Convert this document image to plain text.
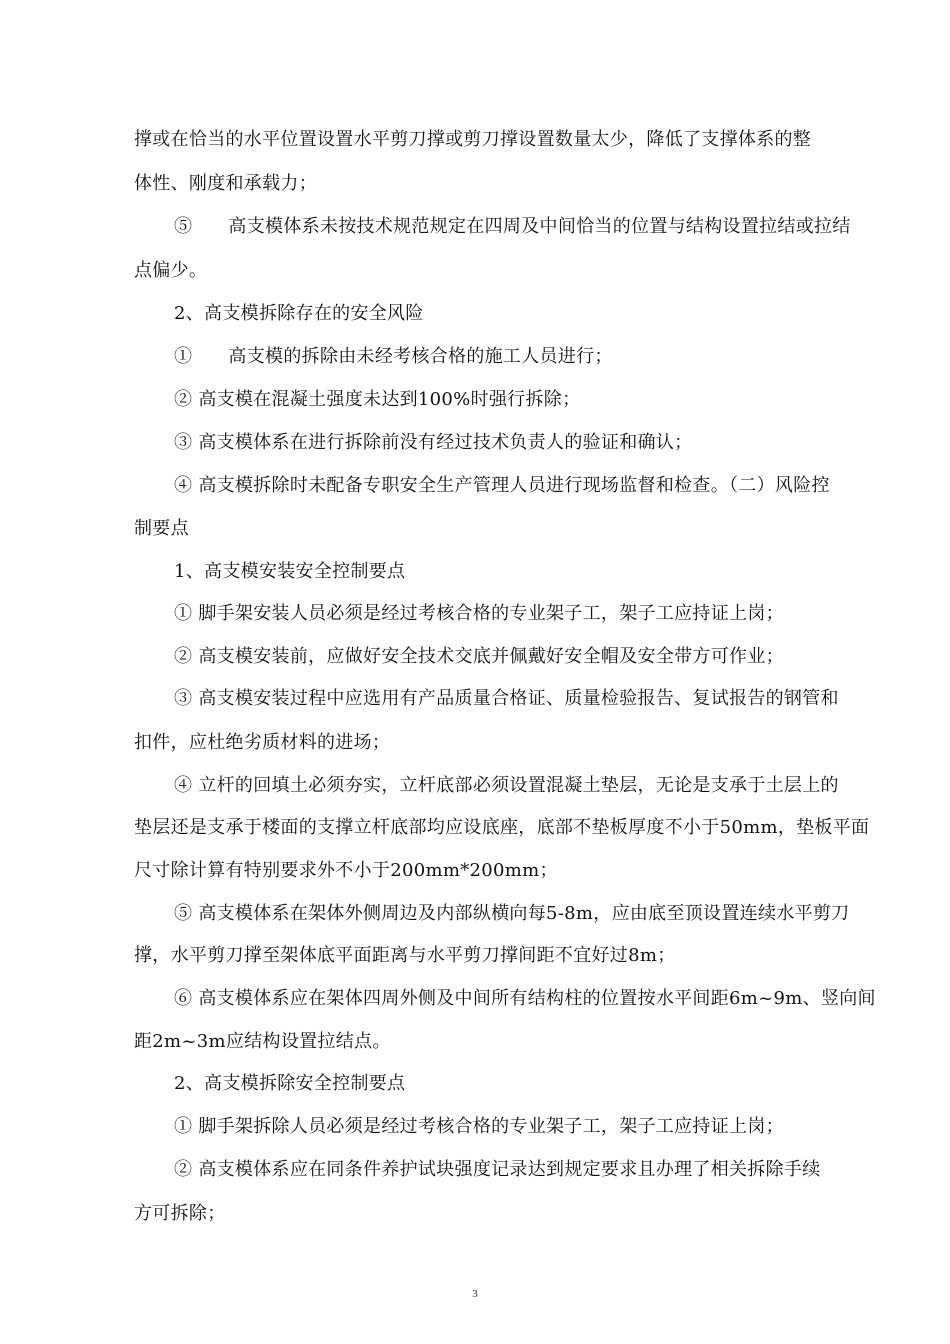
撑或在恰当的水平位置设置水平剪刀撑或剪刀撑设置数量太少，降低了支撑体系的整
体性、刚度和承载力；
⑤      高支模体系未按技术规范规定在四周及中间恰当的位置与结构设置拉结或拉结
点偏少。
2、高支模拆除存在的安全风险
①      高支模的拆除由未经考核合格的施工人员进行；
② 高支模在混凝土强度未达到100%时强行拆除；
③ 高支模体系在进行拆除前没有经过技术负责人的验证和确认；
④ 高支模拆除时未配备专职安全生产管理人员进行现场监督和检查。（二）风险控
制要点
1、高支模安装安全控制要点
① 脚手架安装人员必须是经过考核合格的专业架子工，架子工应持证上岗；
② 高支模安装前，应做好安全技术交底并佩戴好安全帽及安全带方可作业；
③ 高支模安装过程中应选用有产品质量合格证、质量检验报告、复试报告的钢管和
扣件，应杜绝劣质材料的进场；
④ 立杆的回填土必须夯实，立杆底部必须设置混凝土垫层，无论是支承于土层上的
垫层还是支承于楼面的支撑立杆底部均应设底座，底部不垫板厚度不小于50mm，垫板平面
尺寸除计算有特别要求外不小于200mm*200mm；
⑤ 高支模体系在架体外侧周边及内部纵横向每5-8m，应由底至顶设置连续水平剪刀
撑，水平剪刀撑至架体底平面距离与水平剪刀撑间距不宜好过8m；
⑥ 高支模体系应在架体四周外侧及中间所有结构柱的位置按水平间距6m~9m、竖向间
距2m~3m应结构设置拉结点。
2、高支模拆除安全控制要点
① 脚手架拆除人员必须是经过考核合格的专业架子工，架子工应持证上岗；
② 高支模体系应在同条件养护试块强度记录达到规定要求且办理了相关拆除手续
方可拆除；
3
